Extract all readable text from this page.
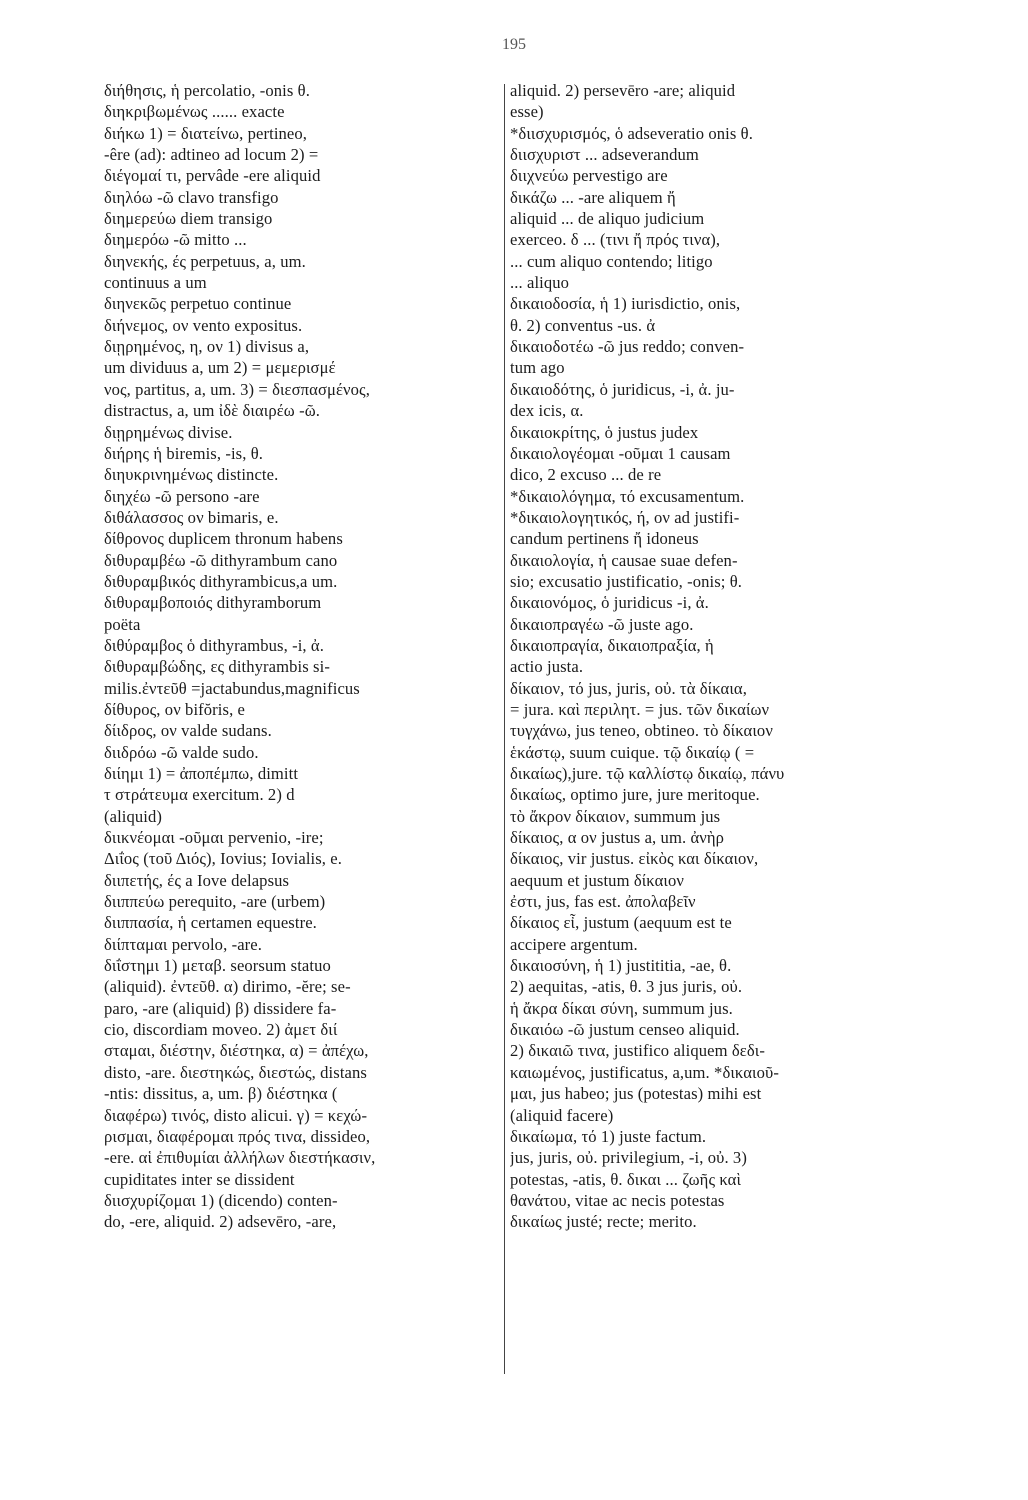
195
διήθησις, ἡ percolatio, -onis θ.
διηκριβωμένως ...... exacte
διήκω 1) = διατείνω, pertineo,
-êre (ad): adtineo ad locum 2) =
διέγομαί τι, pervâde -ere aliquid
διηλόω -ῶ clavo transfigo
διημερεύω diem transigo
διημερόω -ῶ mitto ...
διηνεκής, ές perpetuus, a, um.
continuus a um
διηνεκῶς perpetuo continue
διήνεμος, ον vento expositus.
διῃρημένος, η, ον 1) divisus a,
um dividuus a, um 2) = μεμερισμέ
νος, partitus, a, um. 3) = διεσπασμένος,
distractus, a, um ἰδὲ διαιρέω -ῶ.
διῃρημένως divise.
διήρης ἡ biremis, -is, θ.
διηυκρινημένως distincte.
διηχέω -ῶ persono -are
διθάλασσος ον bimaris, e.
δίθρονος duplicem thronum habens
διθυραμβέω -ῶ dithyrambum cano
διθυραμβικός dithyrambicus,a um.
διθυραμβοποιός dithyramborum
poëta
διθύραμβος ὁ dithyrambus, -i, ἀ.
διθυραμβώδης, ες dithyrambis si-
milis.ἐντεῦθ =jactabundus,magnificus
δίθυρος, ον bifŏris, e
δίιδρος, ον valde sudans.
διιδρόω -ῶ valde sudo.
διίημι 1) = ἀποπέμπω, dimitt
τ στράτευμα exercitum. 2) d
(aliquid)
διικνέομαι -οῦμαι pervenio, -ire;
Διΐος (τοῦ Διός), Iovius; Iovialis, e.
διιπετής, ές a Iove delapsus
διιππεύω perequito, -are (urbem)
διιππασία, ἡ certamen equestre.
διίπταμαι pervolo, -are.
διΐστημι 1) μεταβ. seorsum statuo
(aliquid). ἐντεῦθ. α) dirimo, -ĕre; se-
paro, -are (aliquid) β) dissidere fa-
cio, discordiam moveo. 2) ἀμετ διί
σταμαι, διέστην, διέστηκα, α) = ἀπέχω,
disto, -are. διεστηκώς, διεστώς, distans
-ntis: dissitus, a, um. β) διέστηκα (
διαφέρω) τινός, disto alicui. γ) = κεχώ-
ρισμαι, διαφέρομαι πρός τινα, dissideo,
-ere. αἱ ἐπιθυμίαι ἀλλήλων διεστήκασιν,
cupiditates inter se dissident
διισχυρίζομαι 1) (dicendo) conten-
do, -ere, aliquid. 2) adsevēro, -are,
aliquid. 2) persevēro -are; aliquid
esse)
*διισχυρισμός, ὁ adseveratio onis θ.
διισχυριστ ... adseverandum
διιχνεύω pervestigo are
δικάζω ... -are aliquem ἤ
aliquid ... de aliquo judicium
exerceo. δ ... (τινι ἤ πρός τινα),
... cum aliquo contendo; litigo
... aliquo
δικαιοδοσία, ἡ 1) iurisdictio, onis,
θ. 2) conventus -us. ἀ
δικαιοδοτέω -ῶ jus reddo; conven-
tum ago
δικαιοδότης, ὁ juridicus, -i, ἀ. ju-
dex icis, α.
δικαιοκρίτης, ὁ justus judex
δικαιολογέομαι -οῦμαι 1 causam
dico, 2 excuso ... de re
*δικαιολόγημα, τό excusamentum.
*δικαιολογητικός, ή, ον ad justifi-
candum pertinens ἤ idoneus
δικαιολογία, ἡ causae suae defen-
sio; excusatio justificatio, -onis; θ.
δικαιονόμος, ὁ juridicus -i, ἀ.
δικαιοπραγέω -ῶ juste ago.
δικαιοπραγία, δικαιοπραξία, ἡ
actio justa.
δίκαιον, τό jus, juris, οὐ. τὰ δίκαια,
= jura. καὶ περιλητ. = jus. τῶν δικαίων
τυγχάνω, jus teneo, obtineo. τὸ δίκαιον
ἑκάστῳ, suum cuique. τῷ δικαίῳ ( =
δικαίως),jure. τῷ καλλίστῳ δικαίῳ, πάνυ
δικαίως, optimo jure, jure meritoque.
τὸ ἄκρον δίκαιον, summum jus
δίκαιος, α ον justus a, um. ἀνὴρ
δίκαιος, vir justus. εἰκὸς και δίκαιον,
aequum et justum δίκαιον
ἐστι, jus, fas est. ἀπολαβεῖν
δίκαιος εἶ, justum (aequum est te
accipere argentum.
δικαιοσύνη, ἡ 1) justititia, -ae, θ.
2) aequitas, -atis, θ. 3 jus juris, οὐ.
ἡ ἄκρα δίκαι σύνη, summum jus.
δικαιόω -ῶ justum censeo aliquid.
2) δικαιῶ τινα, justifico aliquem δεδι-
καιωμένος, justificatus, a,um. *δικαιοῦ-
μαι, jus habeo; jus (potestas) mihi est
(aliquid facere)
δικαίωμα, τό 1) juste factum.
jus, juris, οὐ. privilegium, -i, οὐ. 3)
potestas, -atis, θ. δικαι ... ζωῆς καὶ
θανάτου, vitae ac necis potestas
δικαίως justé; recte; merito.
